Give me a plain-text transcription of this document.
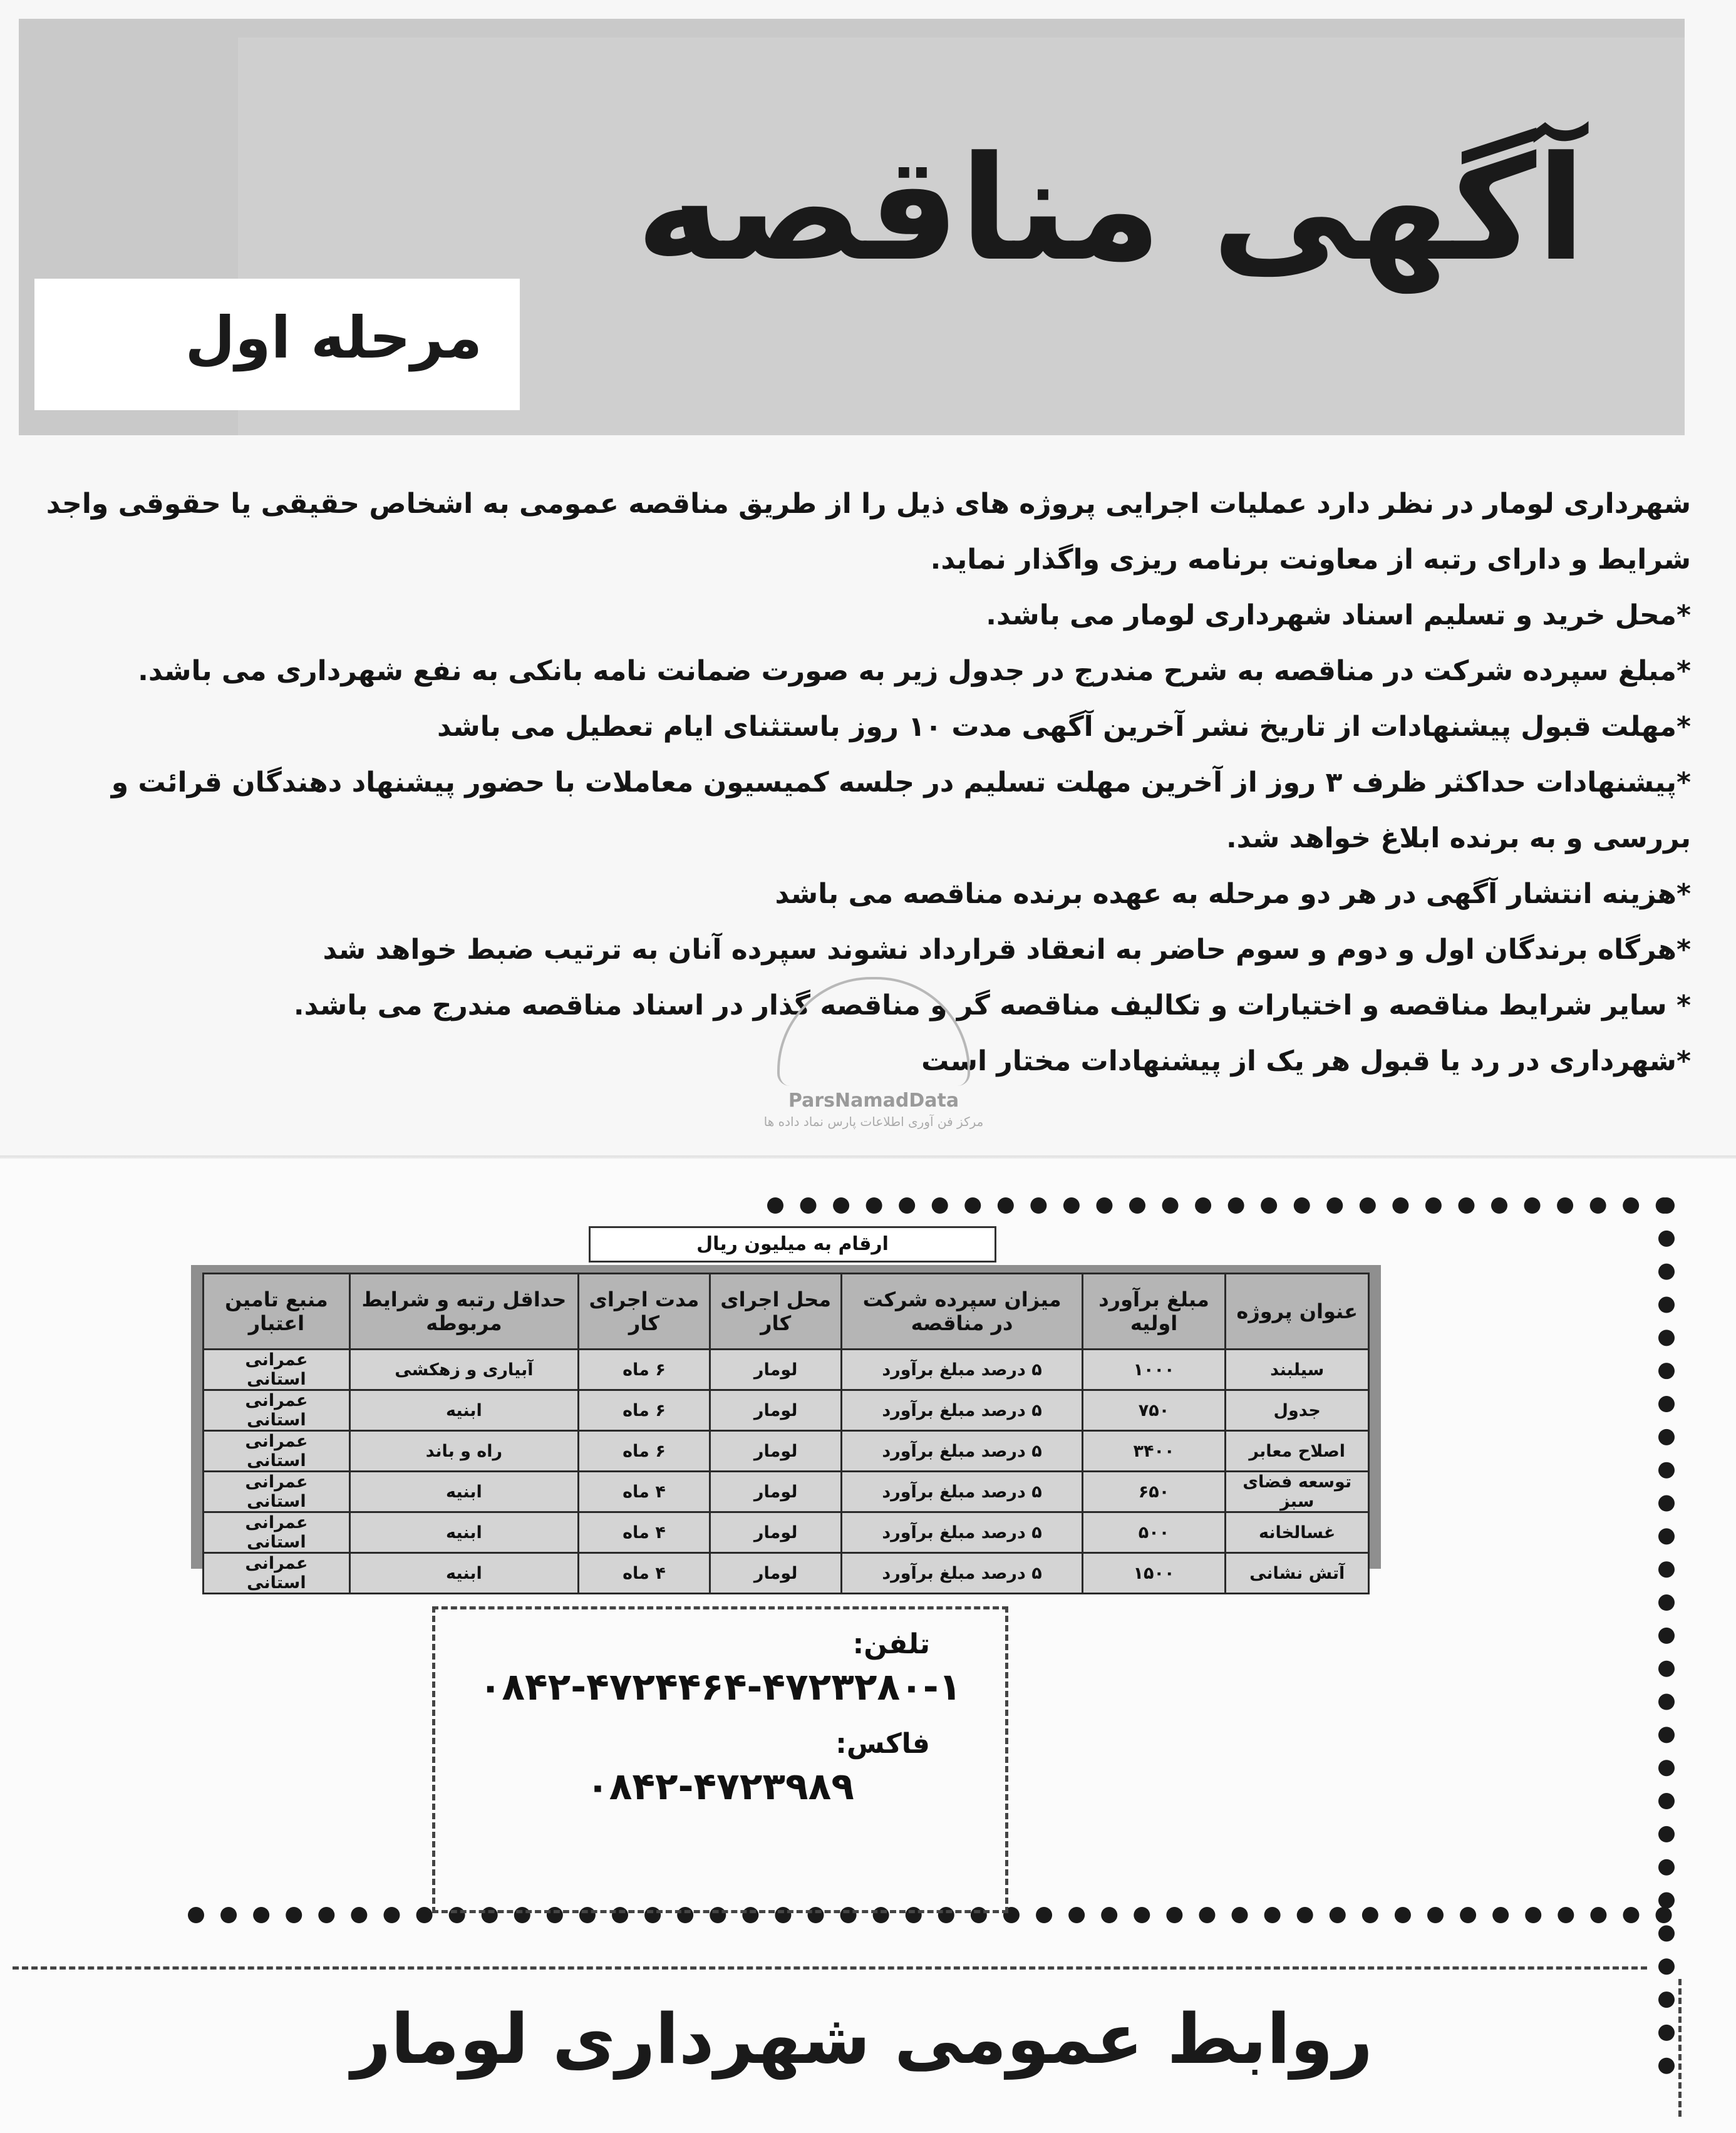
آگهی مناقصه
مرحله اول

شهرداری لومار در نظر دارد عملیات اجرایی پروژه های ذیل را از طریق مناقصه عمومی به اشخاص حقیقی یا حقوقی واجد شرایط و دارای رتبه از معاونت برنامه ریزی واگذار نماید.

*محل خرید و تسلیم اسناد شهرداری لومار می باشد.

*مبلغ سپرده شرکت در مناقصه به شرح مندرج در جدول زیر به صورت ضمانت نامه بانکی به نفع شهرداری می باشد.

*مهلت قبول پیشنهادات از تاریخ نشر آخرین آگهی مدت ۱۰ روز باستثنای ایام تعطیل می باشد

*پیشنهادات حداکثر ظرف ۳ روز از آخرین مهلت تسلیم در جلسه کمیسیون معاملات با حضور پیشنهاد دهندگان قرائت و بررسی و به برنده ابلاغ خواهد شد.

*هزینه انتشار آگهی در هر دو مرحله به عهده برنده مناقصه می باشد

*هرگاه برندگان اول و دوم و سوم حاضر به انعقاد قرارداد نشوند سپرده آنان به ترتیب ضبط خواهد شد

* سایر شرایط مناقصه و اختیارات و تکالیف مناقصه گر و مناقصه گذار در اسناد مناقصه مندرج می باشد.

*شهرداری در رد یا قبول هر یک از پیشنهادات مختار است

ParsNamadData
مرکز فن آوری اطلاعات پارس نماد داده ها
ارقام به میلیون ریال
عنوان پروژه	مبلغ برآورد اولیه	میزان سپرده شرکت در مناقصه	محل اجرای کار	مدت اجرای کار	حداقل رتبه و شرایط مربوطه	منبع تامین اعتبار
سیلبند	۱۰۰۰	۵ درصد مبلغ برآورد	لومار	۶ ماه	آبیاری و زهکشی	عمرانی استانی
جدول	۷۵۰	۵ درصد مبلغ برآورد	لومار	۶ ماه	ابنیه	عمرانی استانی
اصلاح معابر	۳۴۰۰	۵ درصد مبلغ برآورد	لومار	۶ ماه	راه و باند	عمرانی استانی
توسعه فضای سبز	۶۵۰	۵ درصد مبلغ برآورد	لومار	۴ ماه	ابنیه	عمرانی استانی
غسالخانه	۵۰۰	۵ درصد مبلغ برآورد	لومار	۴ ماه	ابنیه	عمرانی استانی
آتش نشانی	۱۵۰۰	۵ درصد مبلغ برآورد	لومار	۴ ماه	ابنیه	عمرانی استانی

تلفن:

۰۸۴۲-۴۷۲۴۴۶۴-۴۷۲۳۲۸۰-۱

فاکس:

۰۸۴۲-۴۷۲۳۹۸۹

روابط عمومی شهرداری لومار
